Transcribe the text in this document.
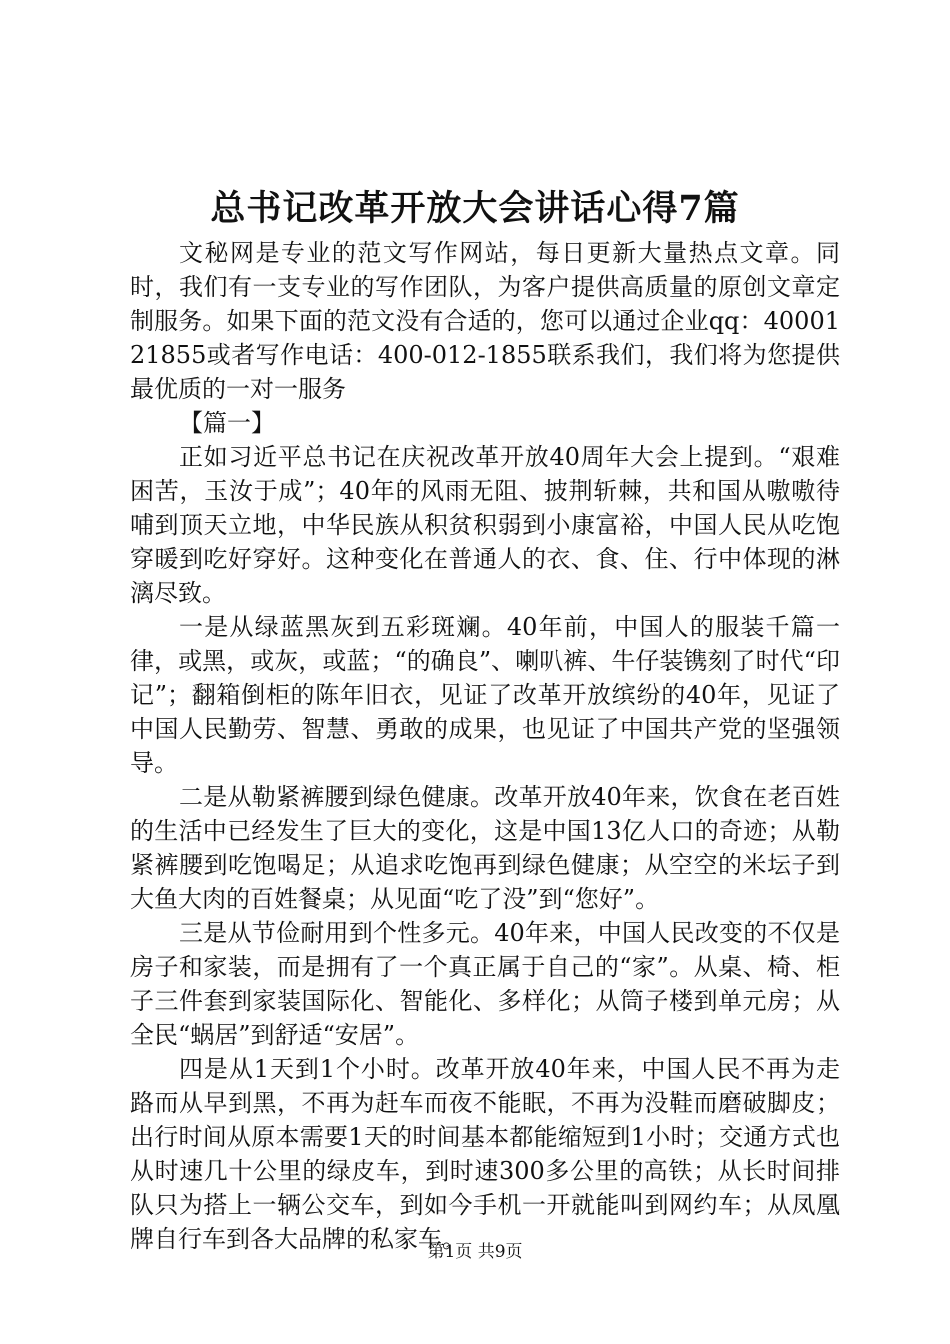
总书记改革开放大会讲话心得7篇

文秘网是专业的范文写作网站，每日更新大量热点文章。同时，我们有一支专业的写作团队，为客户提供高质量的原创文章定制服务。如果下面的范文没有合适的，您可以通过企业qq：4000121855或者写作电话：400-012-1855联系我们，我们将为您提供最优质的一对一服务

【篇一】

正如习近平总书记在庆祝改革开放40周年大会上提到。“艰难困苦，玉汝于成”；40年的风雨无阻、披荆斩棘，共和国从嗷嗷待哺到顶天立地，中华民族从积贫积弱到小康富裕，中国人民从吃饱穿暖到吃好穿好。这种变化在普通人的衣、食、住、行中体现的淋漓尽致。

一是从绿蓝黑灰到五彩斑斓。40年前，中国人的服装千篇一律，或黑，或灰，或蓝；“的确良”、喇叭裤、牛仔装镌刻了时代“印记”；翻箱倒柜的陈年旧衣，见证了改革开放缤纷的40年，见证了中国人民勤劳、智慧、勇敢的成果，也见证了中国共产党的坚强领导。

二是从勒紧裤腰到绿色健康。改革开放40年来，饮食在老百姓的生活中已经发生了巨大的变化，这是中国13亿人口的奇迹；从勒紧裤腰到吃饱喝足；从追求吃饱再到绿色健康；从空空的米坛子到大鱼大肉的百姓餐桌；从见面“吃了没”到“您好”。

三是从节俭耐用到个性多元。40年来，中国人民改变的不仅是房子和家装，而是拥有了一个真正属于自己的“家”。从桌、椅、柜子三件套到家装国际化、智能化、多样化；从筒子楼到单元房；从全民“蜗居”到舒适“安居”。

四是从1天到1个小时。改革开放40年来，中国人民不再为走路而从早到黑，不再为赶车而夜不能眠，不再为没鞋而磨破脚皮；出行时间从原本需要1天的时间基本都能缩短到1小时；交通方式也从时速几十公里的绿皮车，到时速300多公里的高铁；从长时间排队只为搭上一辆公交车，到如今手机一开就能叫到网约车；从凤凰牌自行车到各大品牌的私家车。

第1页 共9页
